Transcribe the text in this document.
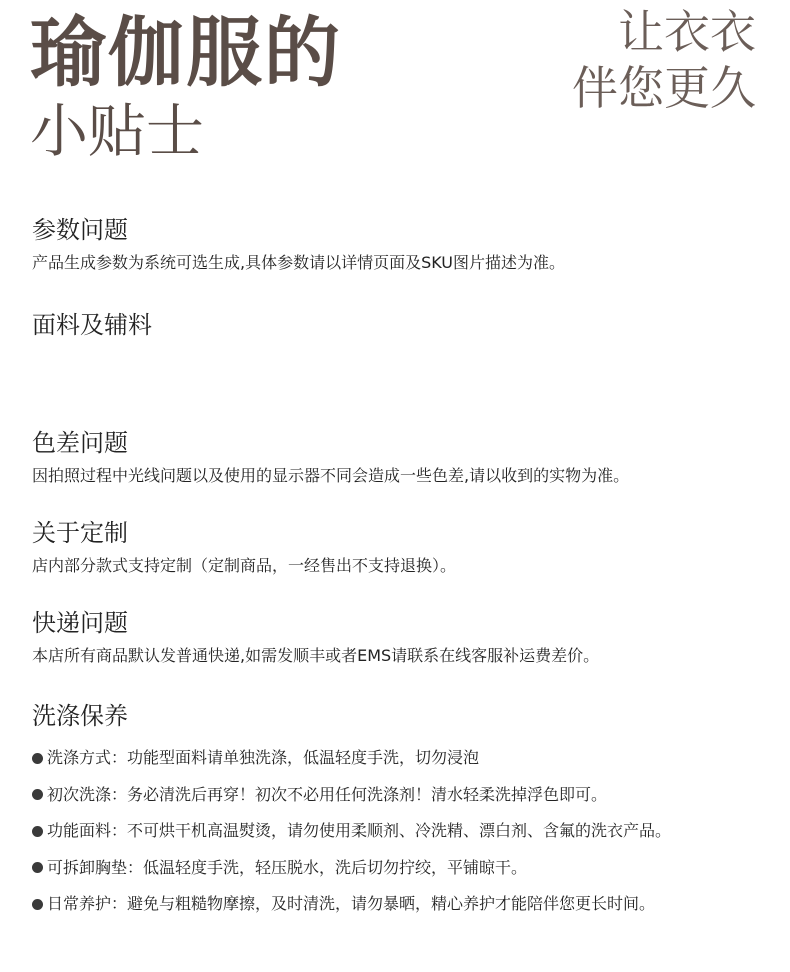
瑜伽服的
小贴士
让衣衣
伴您更久
参数问题

产品生成参数为系统可选生成,具体参数请以详情页面及SKU图片描述为准。

面料及辅料

色差问题

因拍照过程中光线问题以及使用的显示器不同会造成一些色差,请以收到的实物为准。

关于定制

店内部分款式支持定制（定制商品，一经售出不支持退换）。

快递问题

本店所有商品默认发普通快递,如需发顺丰或者EMS请联系在线客服补运费差价。

洗涤保养
洗涤方式：功能型面料请单独洗涤，低温轻度手洗，切勿浸泡
初次洗涤：务必清洗后再穿！初次不必用任何洗涤剂！清水轻柔洗掉浮色即可。
功能面料：不可烘干机高温熨烫，请勿使用柔顺剂、冷洗精、漂白剂、含氟的洗衣产品。
可拆卸胸垫：低温轻度手洗，轻压脱水，洗后切勿拧绞，平铺晾干。
日常养护：避免与粗糙物摩擦，及时清洗，请勿暴晒，精心养护才能陪伴您更长时间。
